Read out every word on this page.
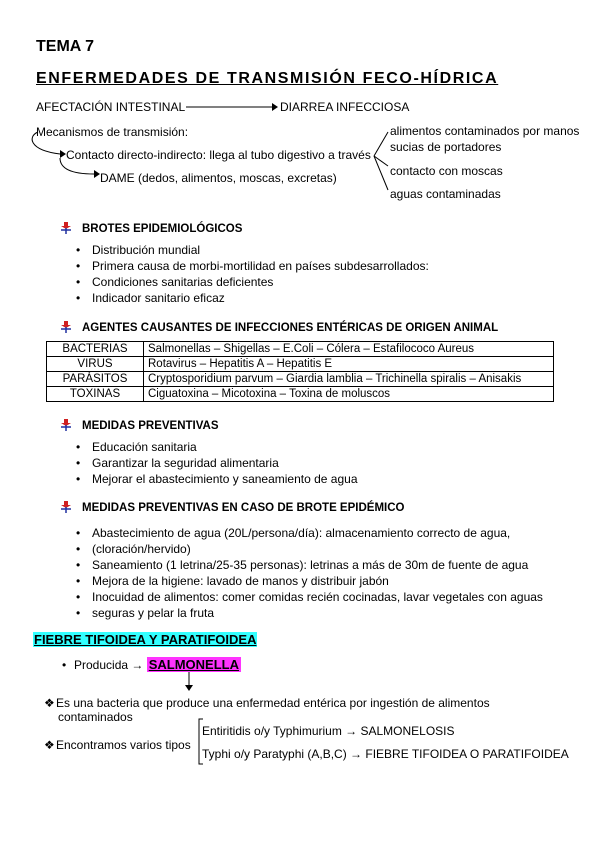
TEMA 7
ENFERMEDADES DE TRANSMISIÓN FECO-HÍDRICA
AFECTACIÓN INTESTINAL	DIARREA INFECCIOSA
Mecanismos de transmisión:
Contacto directo-indirecto: llega al tubo digestivo a través
DAME (dedos, alimentos, moscas, excretas)
alimentos contaminados por manos
sucias de portadores
contacto con moscas
aguas contaminadas
BROTES EPIDEMIOLÓGICOS
• Distribución mundial
• Primera causa de morbi-mortilidad en países subdesarrollados:
• Condiciones sanitarias deficientes
• Indicador sanitario eficaz
AGENTES CAUSANTES DE INFECCIONES ENTÉRICAS DE ORIGEN ANIMAL
BACTERIAS	Salmonellas – Shigellas – E.Coli – Cólera – Estafilococo Aureus
VIRUS	Rotavirus – Hepatitis A – Hepatitis E
PARÁSITOS	Cryptosporidium parvum – Giardia lamblia – Trichinella spiralis – Anisakis
TOXINAS	Ciguatoxina – Micotoxina – Toxina de moluscos
MEDIDAS PREVENTIVAS
• Educación sanitaria
• Garantizar la seguridad alimentaria
• Mejorar el abastecimiento y saneamiento de agua
MEDIDAS PREVENTIVAS EN CASO DE BROTE EPIDÉMICO
• Abastecimiento de agua (20L/persona/día): almacenamiento correcto de agua,
• (cloración/hervido)
• Saneamiento (1 letrina/25-35 personas): letrinas a más de 30m de fuente de agua
• Mejora de la higiene: lavado de manos y distribuir jabón
• Inocuidad de alimentos: comer comidas recién cocinadas, lavar vegetales con aguas
• seguras y pelar la fruta
FIEBRE TIFOIDEA Y PARATIFOIDEA
• Producida → SALMONELLA
❖Es una bacteria que produce una enfermedad entérica por ingestión de alimentos
contaminados
❖Encontramos varios tipos
Entiritidis o/y Typhimurium → SALMONELOSIS
Typhi o/y Paratyphi (A,B,C) → FIEBRE TIFOIDEA O PARATIFOIDEA
